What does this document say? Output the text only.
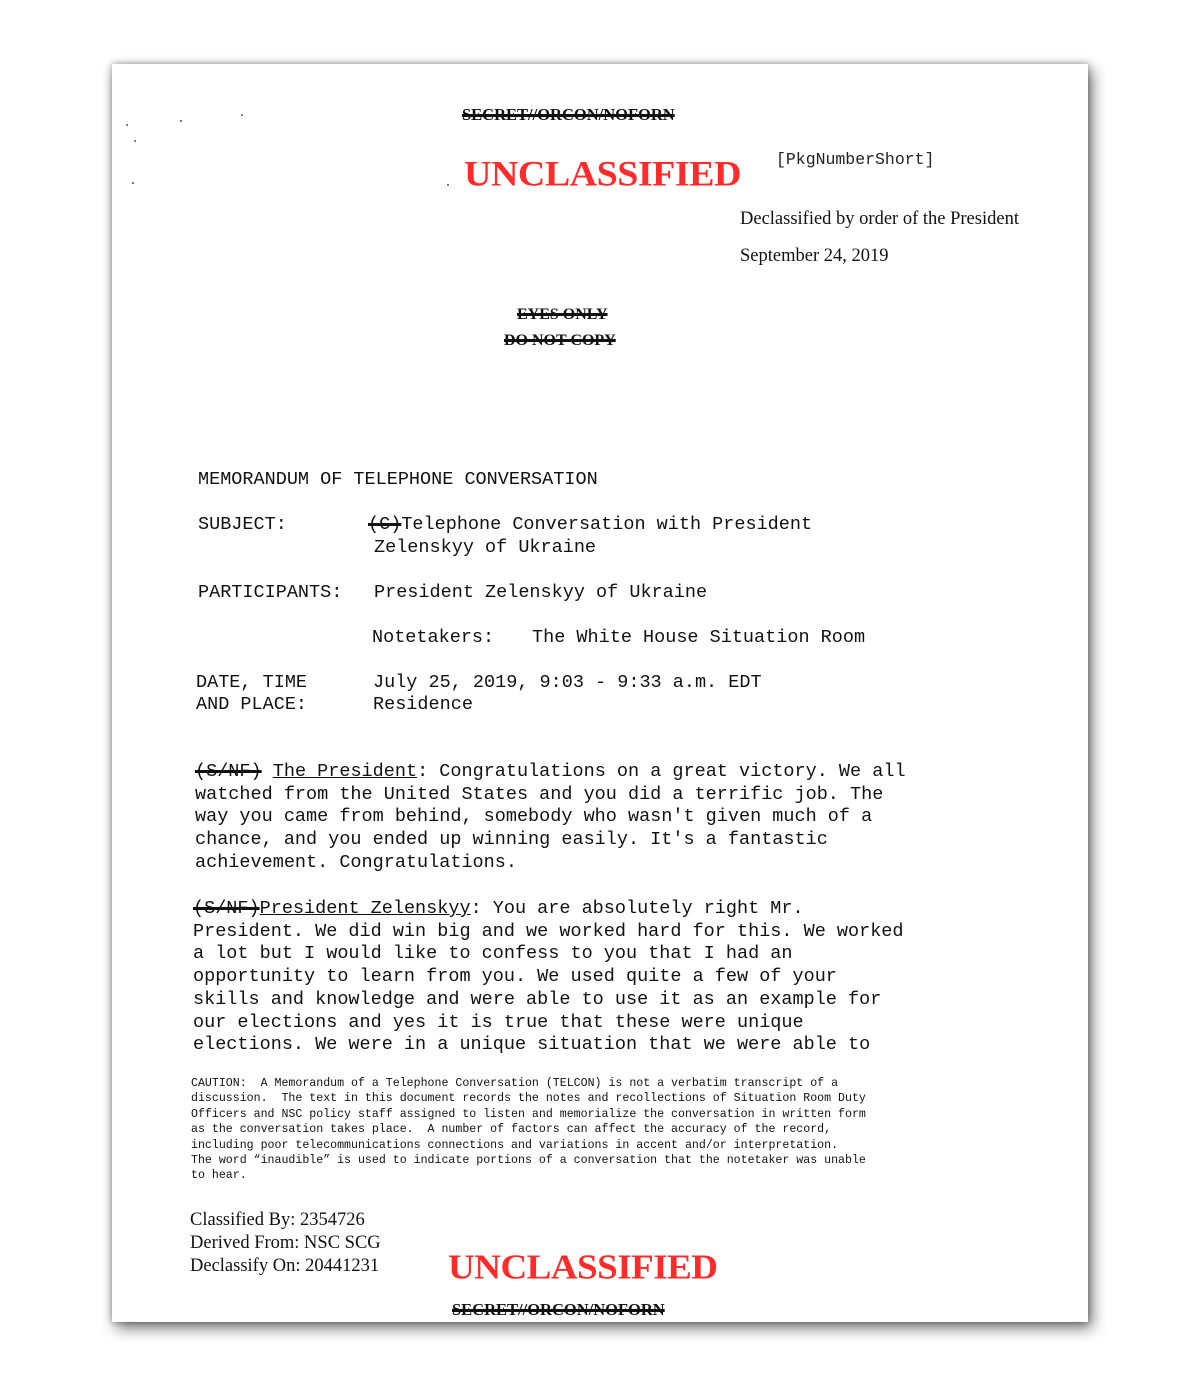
SECRET//ORCON/NOFORN
UNCLASSIFIED [PkgNumberShort]
Declassified by order of the President
September 24, 2019
EYES ONLY
DO NOT COPY
MEMORANDUM OF TELEPHONE CONVERSATION
SUBJECT:	(C)Telephone Conversation with President
Zelenskyy of Ukraine
PARTICIPANTS: President Zelenskyy of Ukraine
Notetakers: The White House Situation Room
DATE, TIME
AND PLACE:
July 25, 2019, 9:03 - 9:33 a.m. EDT
Residence
(S/NF) The President: Congratulations on a great victory. We all
watched from the United States and you did a terrific job. The
way you came from behind, somebody who wasn't given much of a
chance, and you ended up winning easily. It's a fantastic
achievement. Congratulations.
(S/NF)President Zelenskyy: You are absolutely right Mr.
President. We did win big and we worked hard for this. We worked
a lot but I would like to confess to you that I had an
opportunity to learn from you. We used quite a few of your
skills and knowledge and were able to use it as an example for
our elections and yes it is true that these were unique
elections. We were in a unique situation that we were able to
CAUTION:  A Memorandum of a Telephone Conversation (TELCON) is not a verbatim transcript of a
discussion.  The text in this document records the notes and recollections of Situation Room Duty
Officers and NSC policy staff assigned to listen and memorialize the conversation in written form
as the conversation takes place.  A number of factors can affect the accuracy of the record,
including poor telecommunications connections and variations in accent and/or interpretation.
The word “inaudible” is used to indicate portions of a conversation that the notetaker was unable
to hear.
Classified By: 2354726
Derived From: NSC SCG
Declassify On: 20441231 UNCLASSIFIED
SECRET//ORCON/NOFORN
